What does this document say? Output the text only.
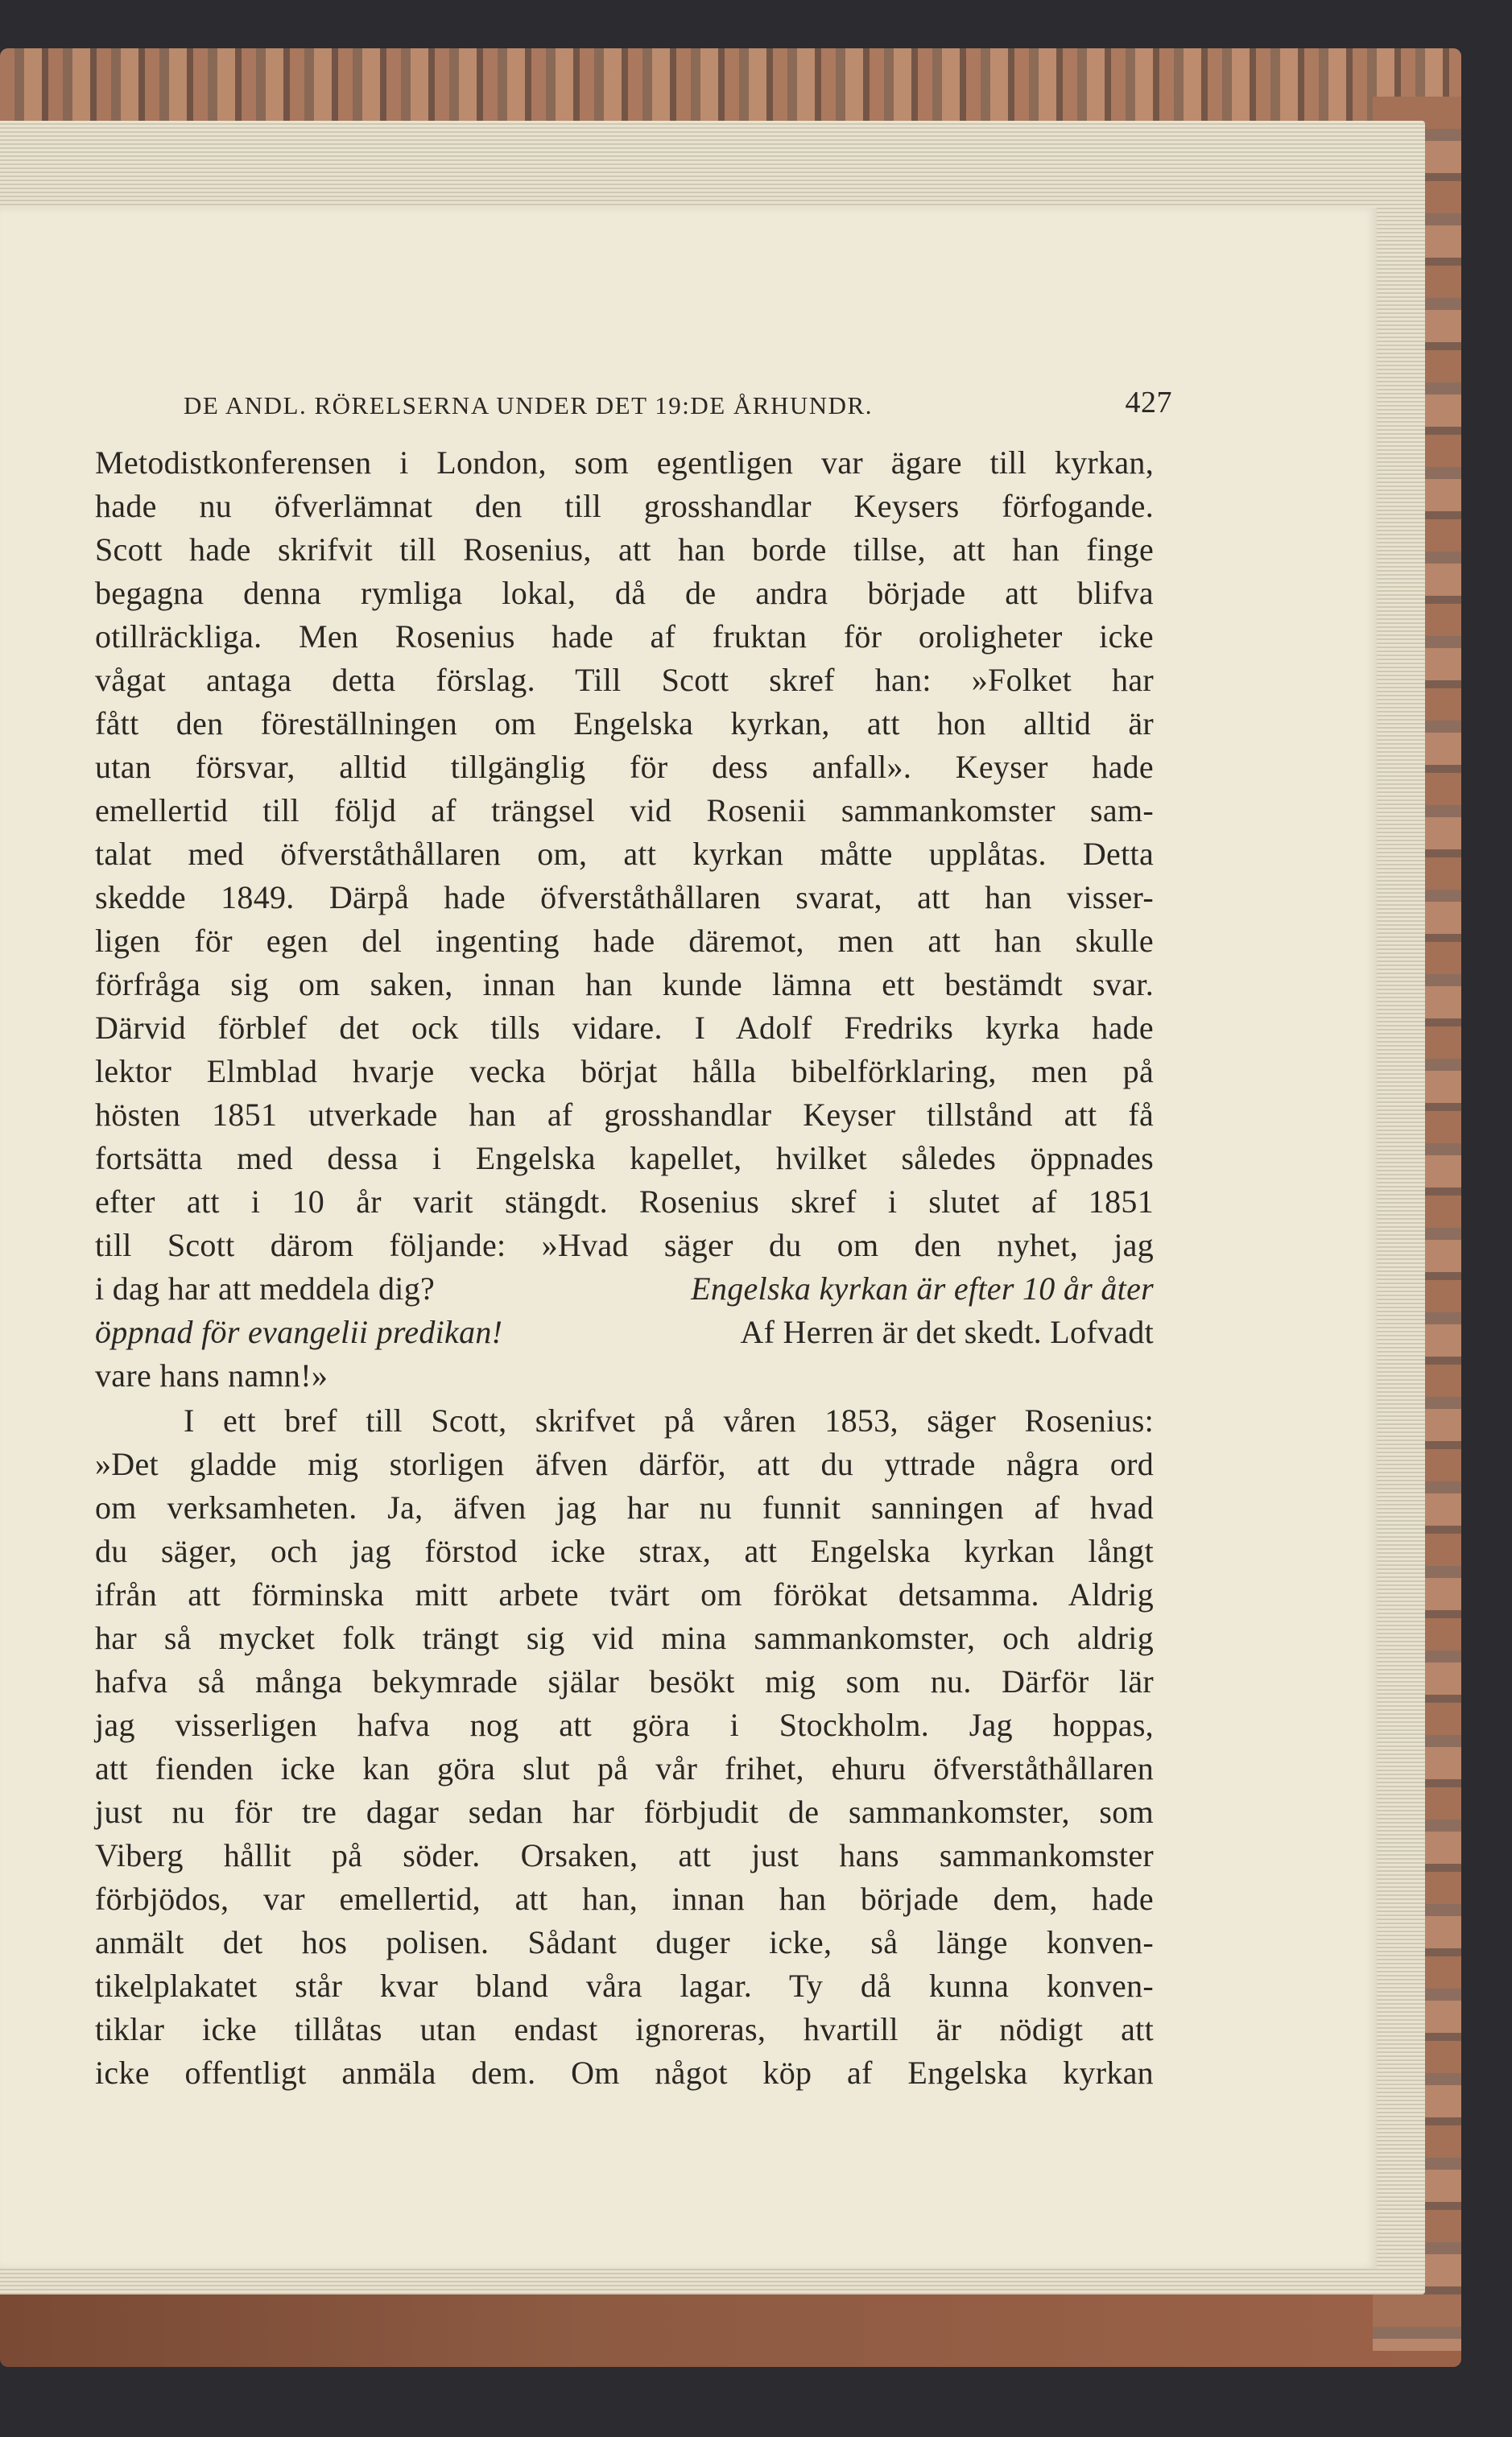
DE ANDL. RÖRELSERNA UNDER DET 19:DE ÅRHUNDR.	427
Metodistkonferensen i London, som egentligen var ägare till kyrkan,
hade nu öfverlämnat den till grosshandlar Keysers förfogande.
Scott hade skrifvit till Rosenius, att han borde tillse, att han finge
begagna denna rymliga lokal, då de andra började att blifva
otillräckliga. Men Rosenius hade af fruktan för oroligheter icke
vågat antaga detta förslag. Till Scott skref han: »Folket har
fått den föreställningen om Engelska kyrkan, att hon alltid är
utan försvar, alltid tillgänglig för dess anfall». Keyser hade
emellertid till följd af trängsel vid Rosenii sammankomster sam-
talat med öfverståthållaren om, att kyrkan måtte upplåtas. Detta
skedde 1849. Därpå hade öfverståthållaren svarat, att han visser-
ligen för egen del ingenting hade däremot, men att han skulle
förfråga sig om saken, innan han kunde lämna ett bestämdt svar.
Därvid förblef det ock tills vidare. I Adolf Fredriks kyrka hade
lektor Elmblad hvarje vecka börjat hålla bibelförklaring, men på
hösten 1851 utverkade han af grosshandlar Keyser tillstånd att få
fortsätta med dessa i Engelska kapellet, hvilket således öppnades
efter att i 10 år varit stängdt. Rosenius skref i slutet af 1851
till Scott därom följande: »Hvad säger du om den nyhet, jag
i dag har att meddela dig?	Engelska kyrkan är efter 10 år åter
öppnad för evangelii predikan!	Af Herren är det skedt. Lofvadt
vare hans namn!»
I ett bref till Scott, skrifvet på våren 1853, säger Rosenius:
»Det gladde mig storligen äfven därför, att du yttrade några ord
om verksamheten. Ja, äfven jag har nu funnit sanningen af hvad
du säger, och jag förstod icke strax, att Engelska kyrkan långt
ifrån att förminska mitt arbete tvärt om förökat detsamma. Aldrig
har så mycket folk trängt sig vid mina sammankomster, och aldrig
hafva så många bekymrade själar besökt mig som nu. Därför lär
jag visserligen hafva nog att göra i Stockholm. Jag hoppas,
att fienden icke kan göra slut på vår frihet, ehuru öfverståthållaren
just nu för tre dagar sedan har förbjudit de sammankomster, som
Viberg hållit på söder. Orsaken, att just hans sammankomster
förbjödos, var emellertid, att han, innan han började dem, hade
anmält det hos polisen. Sådant duger icke, så länge konven-
tikelplakatet står kvar bland våra lagar. Ty då kunna konven-
tiklar icke tillåtas utan endast ignoreras, hvartill är nödigt att
icke offentligt anmäla dem. Om något köp af Engelska kyrkan
